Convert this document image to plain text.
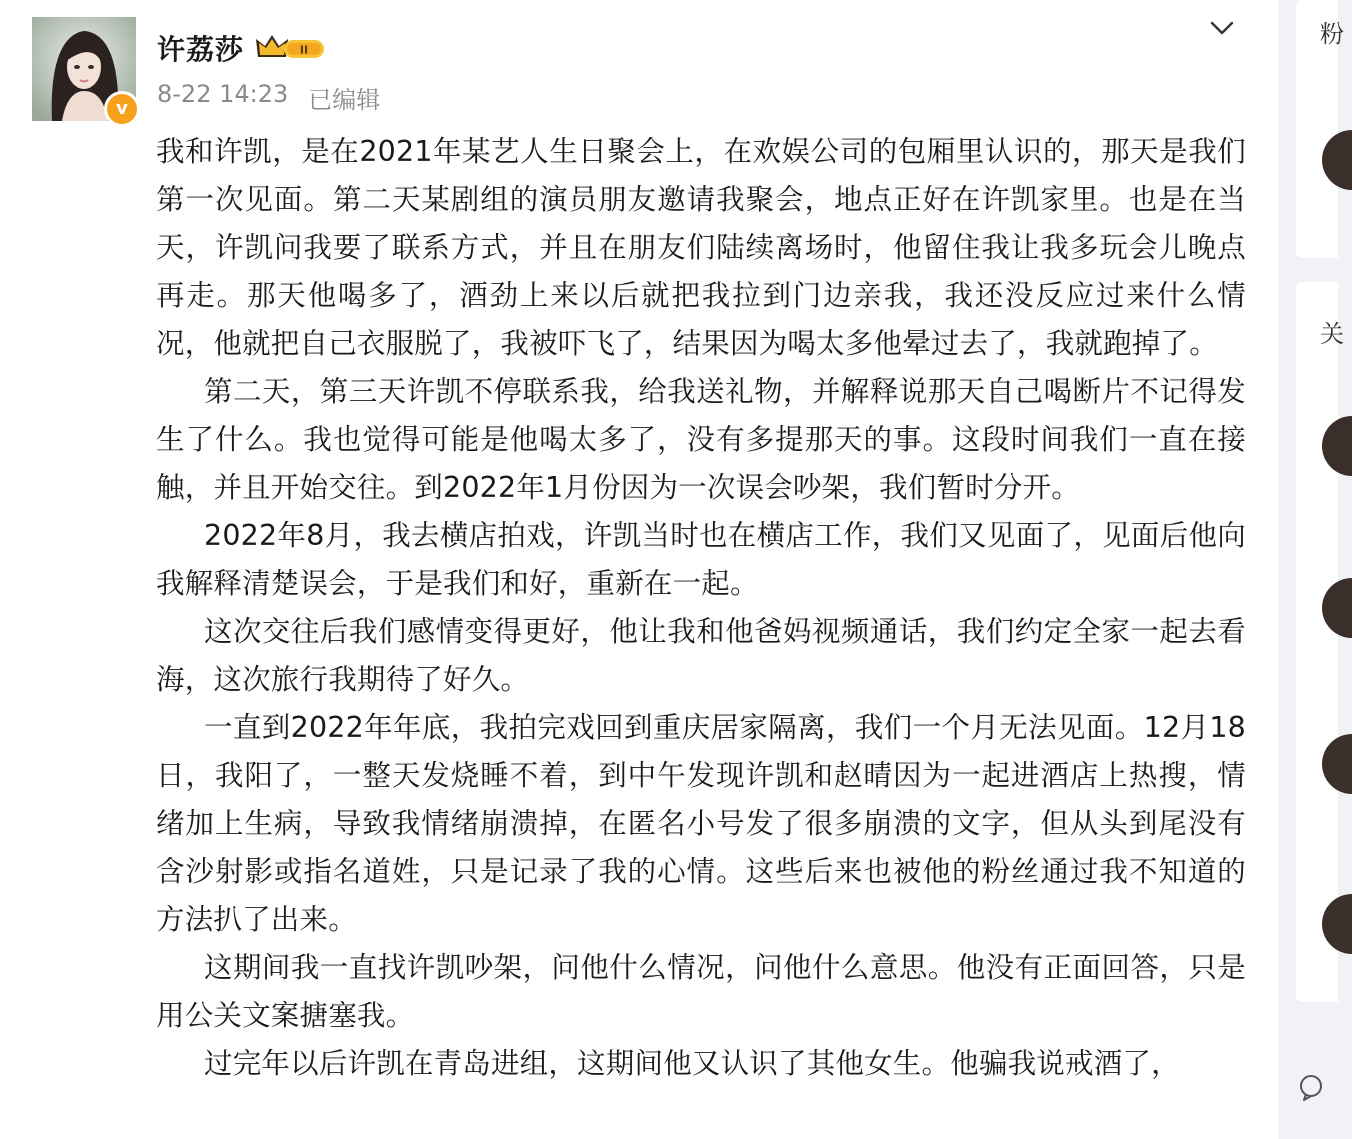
v
许荔莎	II
8-22 14:23 已编辑

我和许凯，是在2021年某艺人生日聚会上，在欢娱公司的包厢里认识的，那天是我们第一次见面。第二天某剧组的演员朋友邀请我聚会，地点正好在许凯家里。也是在当天，许凯问我要了联系方式，并且在朋友们陆续离场时，他留住我让我多玩会儿晚点再走。那天他喝多了，酒劲上来以后就把我拉到门边亲我，我还没反应过来什么情况，他就把自己衣服脱了，我被吓飞了，结果因为喝太多他晕过去了，我就跑掉了。

第二天，第三天许凯不停联系我，给我送礼物，并解释说那天自己喝断片不记得发生了什么。我也觉得可能是他喝太多了，没有多提那天的事。这段时间我们一直在接触，并且开始交往。到2022年1月份因为一次误会吵架，我们暂时分开。

2022年8月，我去横店拍戏，许凯当时也在横店工作，我们又见面了，见面后他向我解释清楚误会，于是我们和好，重新在一起。

这次交往后我们感情变得更好，他让我和他爸妈视频通话，我们约定全家一起去看海，这次旅行我期待了好久。

一直到2022年年底，我拍完戏回到重庆居家隔离，我们一个月无法见面。12月18日，我阳了，一整天发烧睡不着，到中午发现许凯和赵晴因为一起进酒店上热搜，情绪加上生病，导致我情绪崩溃掉，在匿名小号发了很多崩溃的文字，但从头到尾没有含沙射影或指名道姓，只是记录了我的心情。这些后来也被他的粉丝通过我不知道的方法扒了出来。

这期间我一直找许凯吵架，问他什么情况，问他什么意思。他没有正面回答，只是用公关文案搪塞我。

过完年以后许凯在青岛进组，这期间他又认识了其他女生。他骗我说戒酒了，

粉
关
